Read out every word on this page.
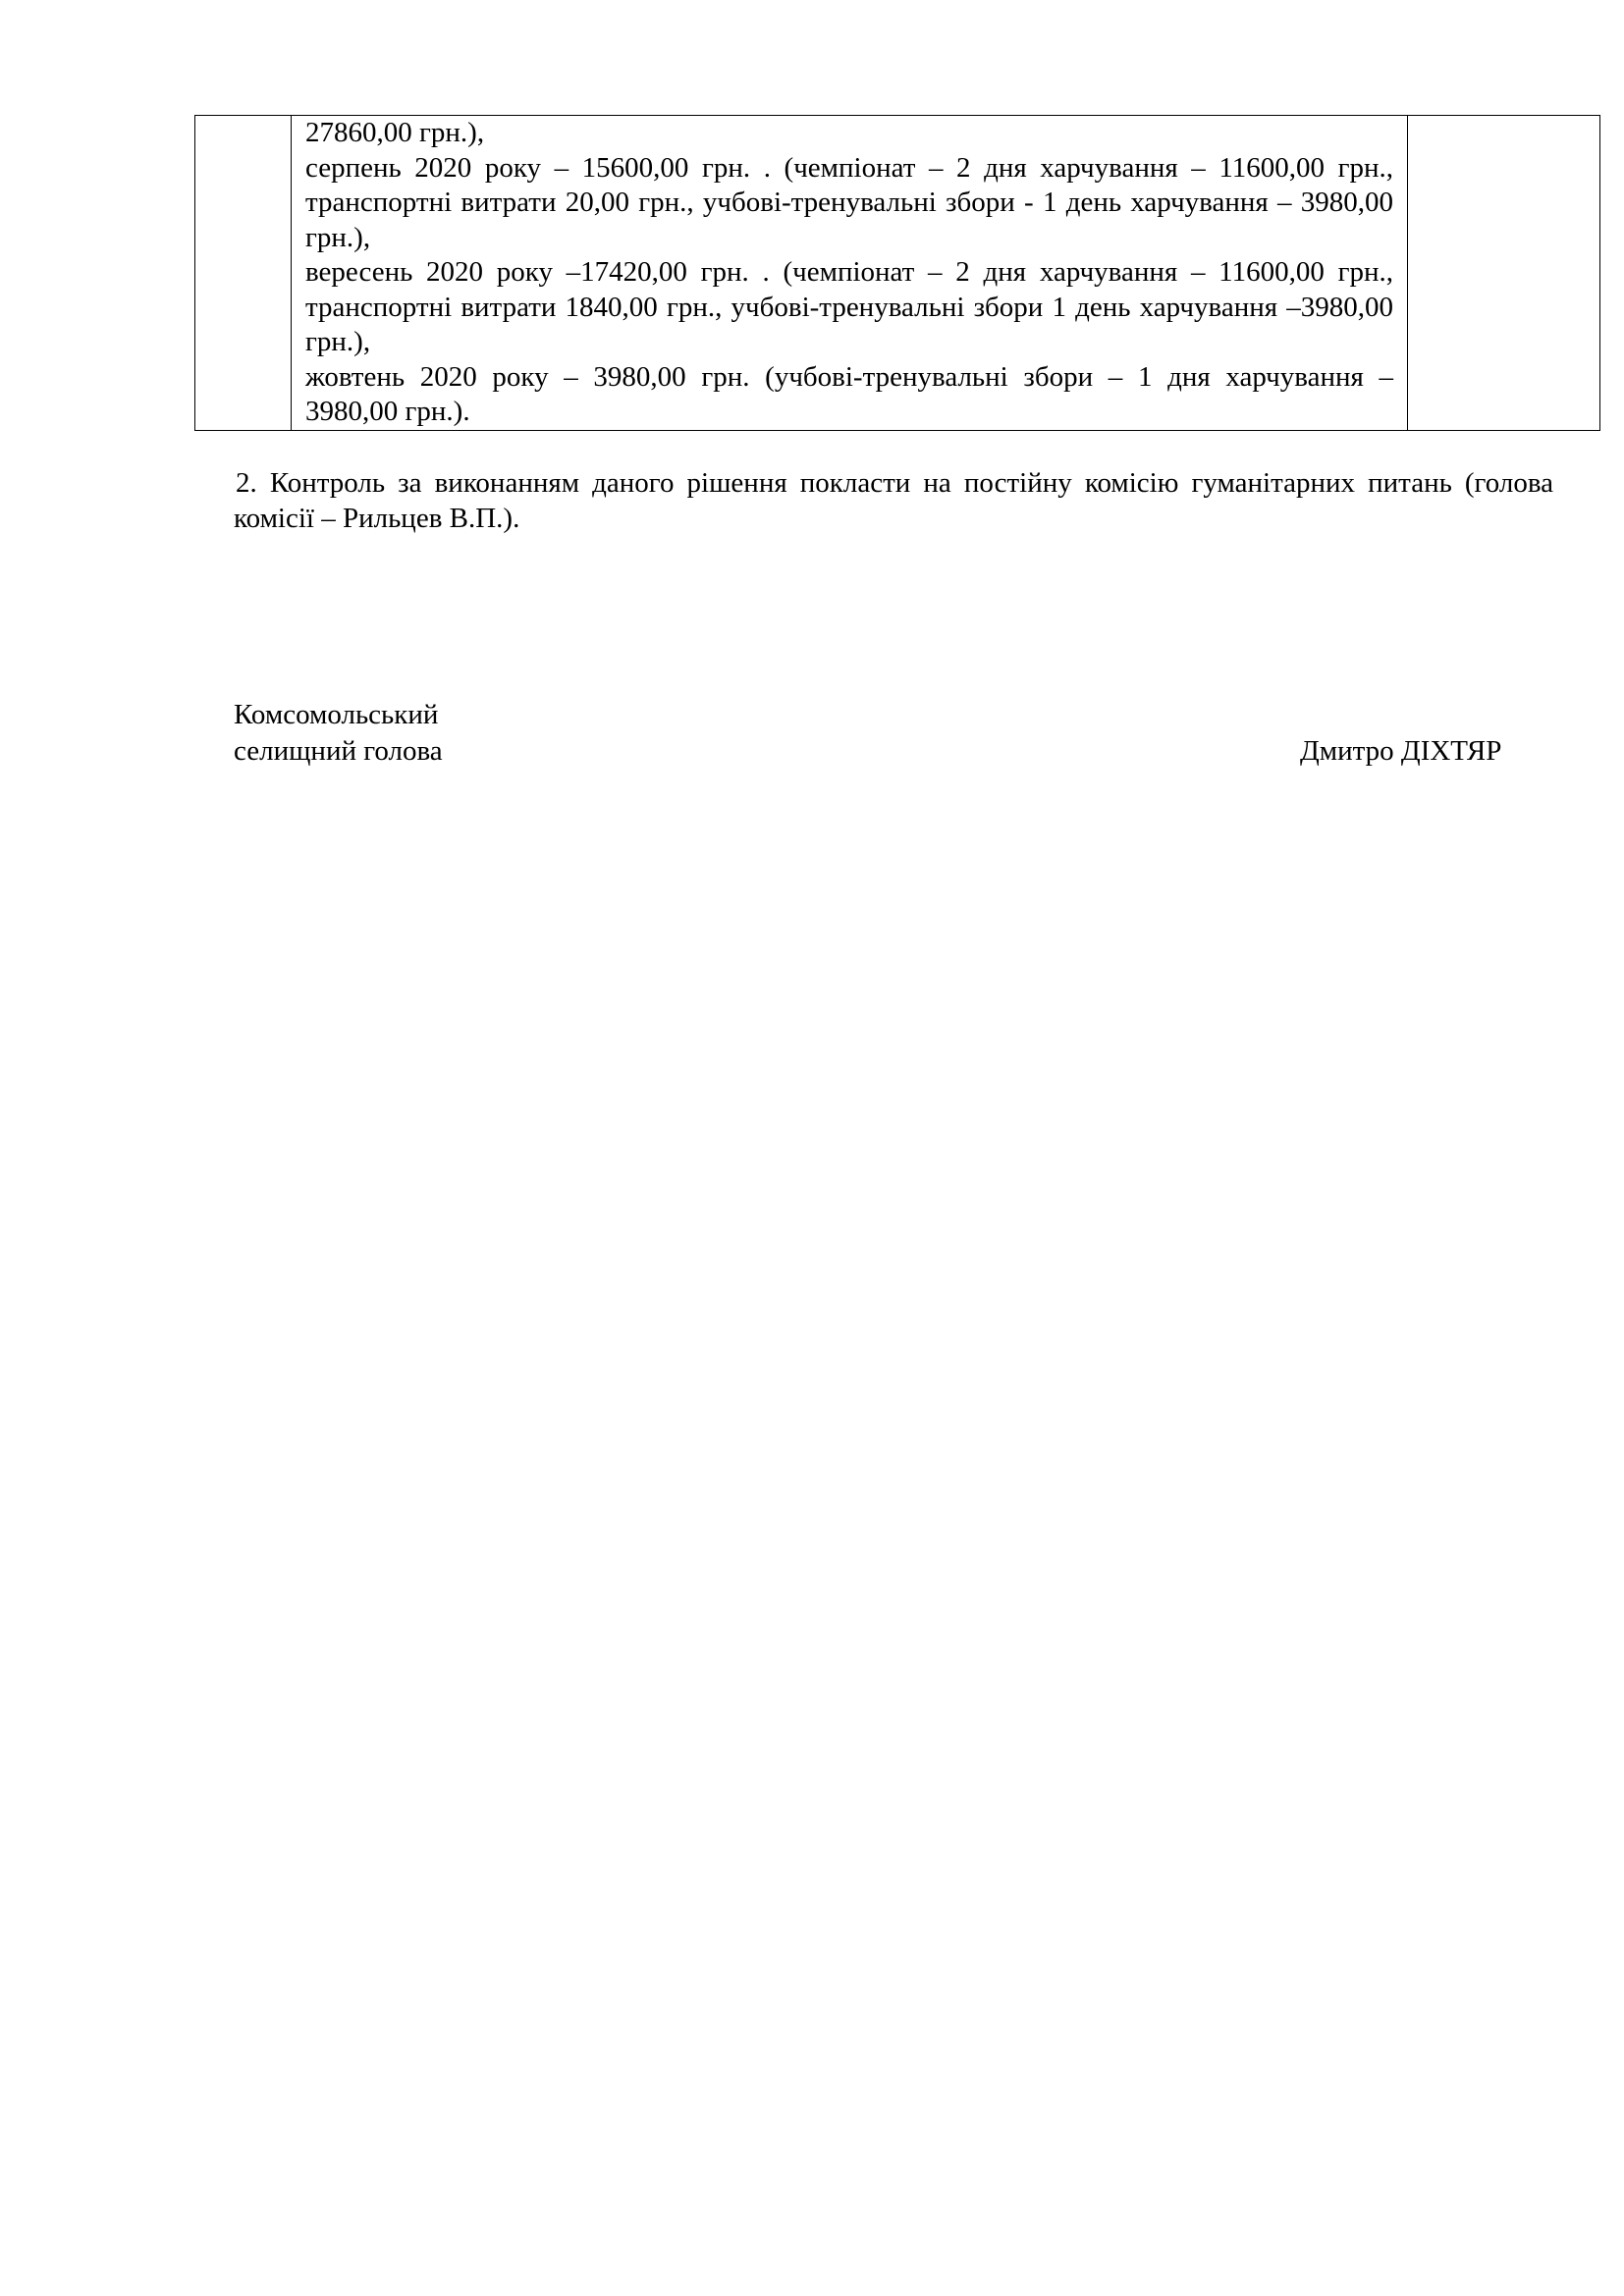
27860,00 грн.),
серпень 2020 року – 15600,00 грн. . (чемпіонат – 2 дня харчування – 11600,00 грн., транспортні витрати 20,00 грн., учбові-тренувальні збори - 1 день харчування – 3980,00 грн.),
вересень 2020 року –17420,00 грн. . (чемпіонат – 2 дня харчування – 11600,00 грн., транспортні витрати 1840,00 грн., учбові-тренувальні збори 1 день харчування –3980,00 грн.),
жовтень 2020 року – 3980,00 грн. (учбові-тренувальні збори – 1 дня харчування – 3980,00 грн.).

2. Контроль за виконанням даного рішення покласти на постійну комісію гуманітарних питань (голова комісії – Рильцев В.П.).
Комсомольський
селищний голова	Дмитро ДІХТЯР
